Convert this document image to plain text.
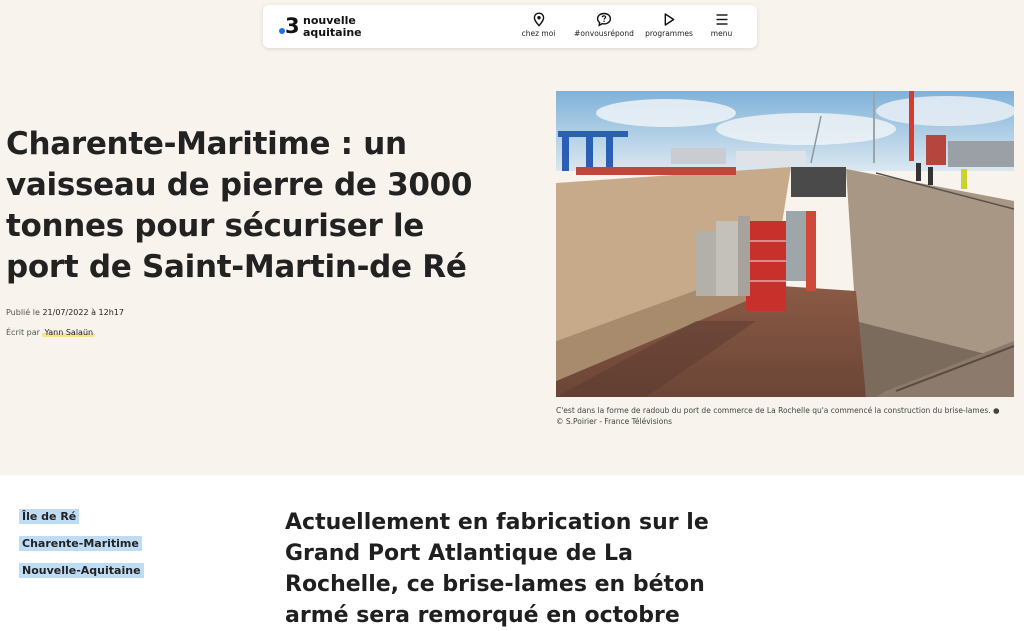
3 nouvelle
aquitaine	chez moi	#onvousrépond programmes	menu
Charente-Maritime : un vaisseau de pierre de 3000 tonnes pour sécuriser le port de Saint-Martin-de Ré
Publié le 21/07/2022 à 12h17
Écrit par Yann Salaün

C'est dans la forme de radoub du port de commerce de La Rochelle qu'a commencé la construction du brise-lames. ● © S.Poirier - France Télévisions

Île de Ré
Charente-Maritime
Nouvelle-Aquitaine

Actuellement en fabrication sur le Grand Port Atlantique de La Rochelle, ce brise-lames en béton armé sera remorqué en octobre
